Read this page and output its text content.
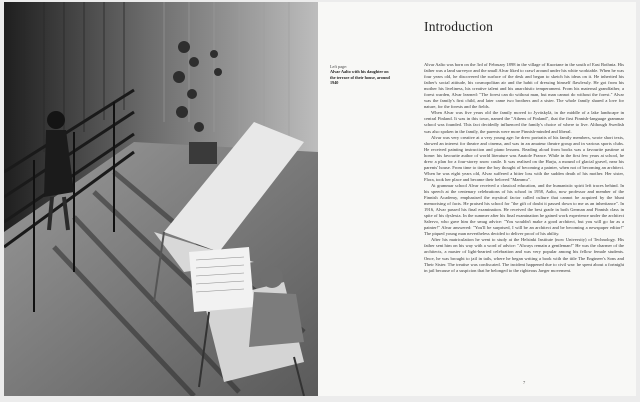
Left page:
Alvar Aalto with his daughter on the terrace of their house, around 1940
Introduction

Alvar Aalto was born on the 3rd of February 1898 in the village of Kuortane in the south of East Bothnia. His father was a land surveyor and the small Alvar liked to crawl around under his white worktable. When he was four years old, he discovered the surface of the desk and began to sketch his ideas on it. He inherited his father's social attitude, his cosmopolitan air and the habit of dressing himself flawlessly. He got from his mother his liveliness, his creative talent and his anarchistic temperament. From his maternal grandfather, a forest warden, Alvar learned: "The forest can do without man, but man cannot do without the forest." Alvar was the family's first child, and later came two brothers and a sister. The whole family shared a love for nature, for the forests and the fields.

When Alvar was five years old the family moved to Jyväskylä, in the middle of a lake landscape in central Finland. It was in this town, named the "Athens of Finland", that the first Finnish-language grammar school was founded. This fact decidedly influenced the family's choice of where to live. Although Swedish was also spoken in the family, the parents were more Finnish-minded and liberal.

Alvar was very creative at a very young age: he drew portraits of his family members, wrote short texts, showed an interest for theatre and cinema, and was in an amateur theatre group and in various sports clubs. He received painting instruction and piano lessons. Reading aloud from books was a favourite pastime at home: his favourite author of world literature was Anatole France. While in the first few years at school, he drew a plan for a four-storey snow castle. It was realised on the Harju, a mound of glacial gravel, near his parents' house. From time to time the boy thought of becoming a painter, when not of becoming an architect. When he was eight years old, Alvar suffered a bitter loss with the sudden death of his mother. Her sister, Flora, took her place and became their beloved "Mammu".

At grammar school Alvar received a classical education, and the humanistic spirit left traces behind. In his speech at the centenary celebrations of his school in 1958, Aalto, now professor and member of the Finnish Academy, emphasised the mystical factor called culture that cannot be acquired by the blunt memorising of facts. He praised his school for "the gift of doubt it passed down to me as an inheritance". In 1916, Alvar passed his final examination. He received the best grade in both German and Finnish class in spite of his dyslexia. In the summer after his final examination he gained work experience under the architect Salervo, who gave him the smug advice: "You wouldn't make a good architect, but you will go far as a painter!" Alvar answered: "You'll be surprised, I will be an architect and be becoming a newspaper editor!" The piqued young man nevertheless decided to deliver proof of his ability.

After his matriculation he went to study at the Helsinki Institute (now University) of Technology. His father sent him on his way with a word of advice: "Always remain a gentleman!" He was the charmer of the architects, a master of light-hearted celebration and was very popular among his fellow female students. Once, he was brought to jail in tails, where he began writing a book with the title The Engineer's Sons and Their Sister. The treatise was confiscated. The incident happened due to civil war: he spent about a fortnight in jail because of a suspicion that he belonged to the righteous Jaeger movement.

7
